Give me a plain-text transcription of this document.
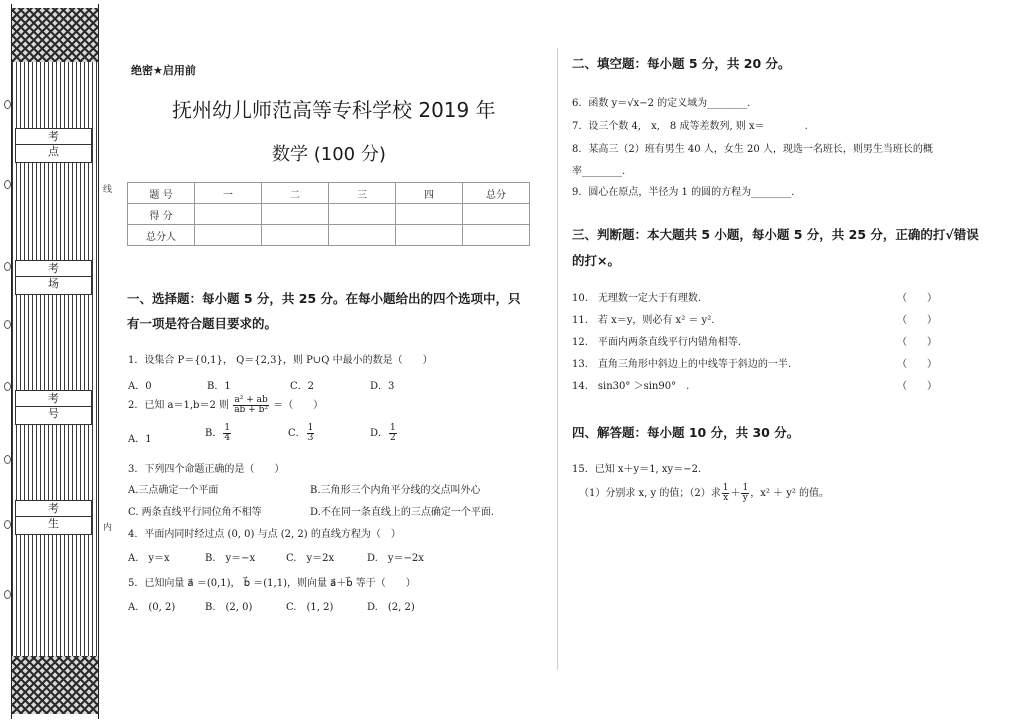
考 点
考 场
考 号
考 生
线
内
绝密★启用前
抚州幼儿师范高等专科学校 2019 年
数学 (100 分)
题 号	一	二	三	四	总分
得 分					
总分人					
一、选择题：每小题 5 分，共 25 分。在每小题给出的四个选项中，只
有一项是符合题目要求的。
1．设集合 P＝{0,1}， Q＝{2,3}，则 P∪Q 中最小的数是（　　）
A．0	B．1	C．2	D．3
2．已知 a＝1,b＝2 则 $\frac{\text{a² + ab}}{\text{ab + b²}}$ ＝（　　）
A．1
B． $\frac{1}{4}$	C． $\frac{1}{3}$	D． $\frac{1}{2}$
3．下列四个命题正确的是（　　）
A.三点确定一个平面	B.三角形三个内角平分线的交点叫外心
C. 两条直线平行同位角不相等	D.不在同一条直线上的三点确定一个平面.
4．平面内同时经过点 (0, 0) 与点 (2, 2) 的直线方程为（　）
A.　y＝x	B.　y＝−x	C.　y＝2x	D.　y＝−2x
5．已知向量 a⃗ ＝(0,1)， b⃗ ＝(1,1)，则向量 a⃗＋b⃗ 等于（　　）
A.　(0, 2)	B.　(2, 0)	C.　(1, 2)	D.　(2, 2)
二、填空题：每小题 5 分，共 20 分。
6．函数 y＝√x−2 的定义域为________.
7．设三个数 4,　x,　8 成等差数列, 则 x＝　　　　.
8．某高三（2）班有男生 40 人，女生 20 人，现选一名班长，则男生当班长的概
率________.
9．圆心在原点，半径为 1 的圆的方程为________.
三、判断题：本大题共 5 小题，每小题 5 分，共 25 分，正确的打√错误
的打×。
10.　无理数一定大于有理数.	（　　）
11.　若 x＝y，则必有 x² ＝ y².	（　　）
12.　平面内两条直线平行内错角相等.	（　　）
13.　直角三角形中斜边上的中线等于斜边的一半.	（　　）
14.　sin30° ＞sin90°　.	（　　）
四、解答题：每小题 10 分，共 30 分。
15．已知 x＋y＝1, xy＝−2．
（1）分别求 x, y 的值；（2）求 $\frac{1}{x} + \frac{1}{y}$ ，x² ＋ y² 的值。
